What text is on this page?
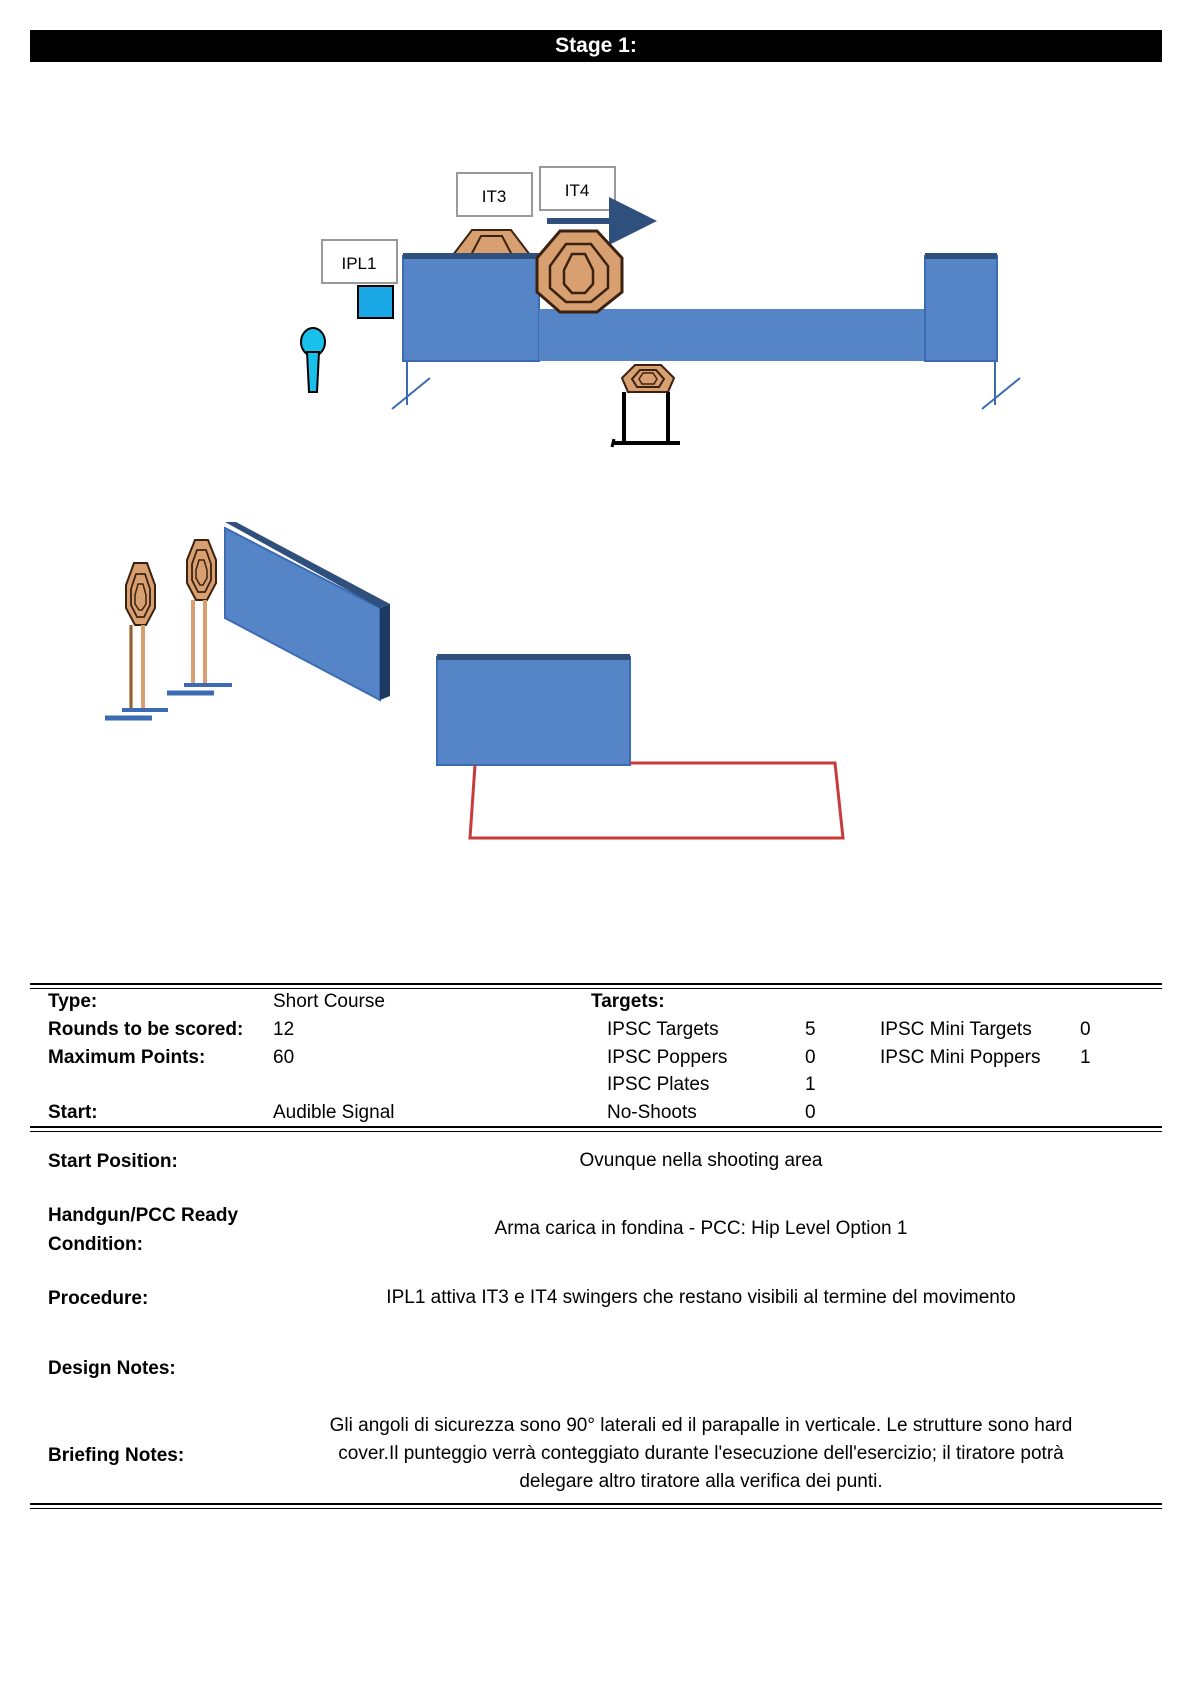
Stage 1:
IPL1
IT3	IT4
Type:	Short Course	Targets:
Rounds to be scored: 12	IPSC Targets	5	IPSC Mini Targets	0
Maximum Points:	60	IPSC Poppers	0	IPSC Mini Poppers 1
IPSC Plates	1
Start:	Audible Signal	No-Shoots	0
Start Position:	Ovunque nella shooting area
Handgun/PCC Ready
Condition:
Arma carica in fondina - PCC: Hip Level Option 1
Procedure:	IPL1 attiva IT3 e IT4 swingers che restano visibili al termine del movimento
Design Notes:
Briefing Notes:
Gli angoli di sicurezza sono 90° laterali ed il parapalle in verticale. Le strutture sono hard
cover.Il punteggio verrà conteggiato durante l'esecuzione dell'esercizio; il tiratore potrà
delegare altro tiratore alla verifica dei punti.
